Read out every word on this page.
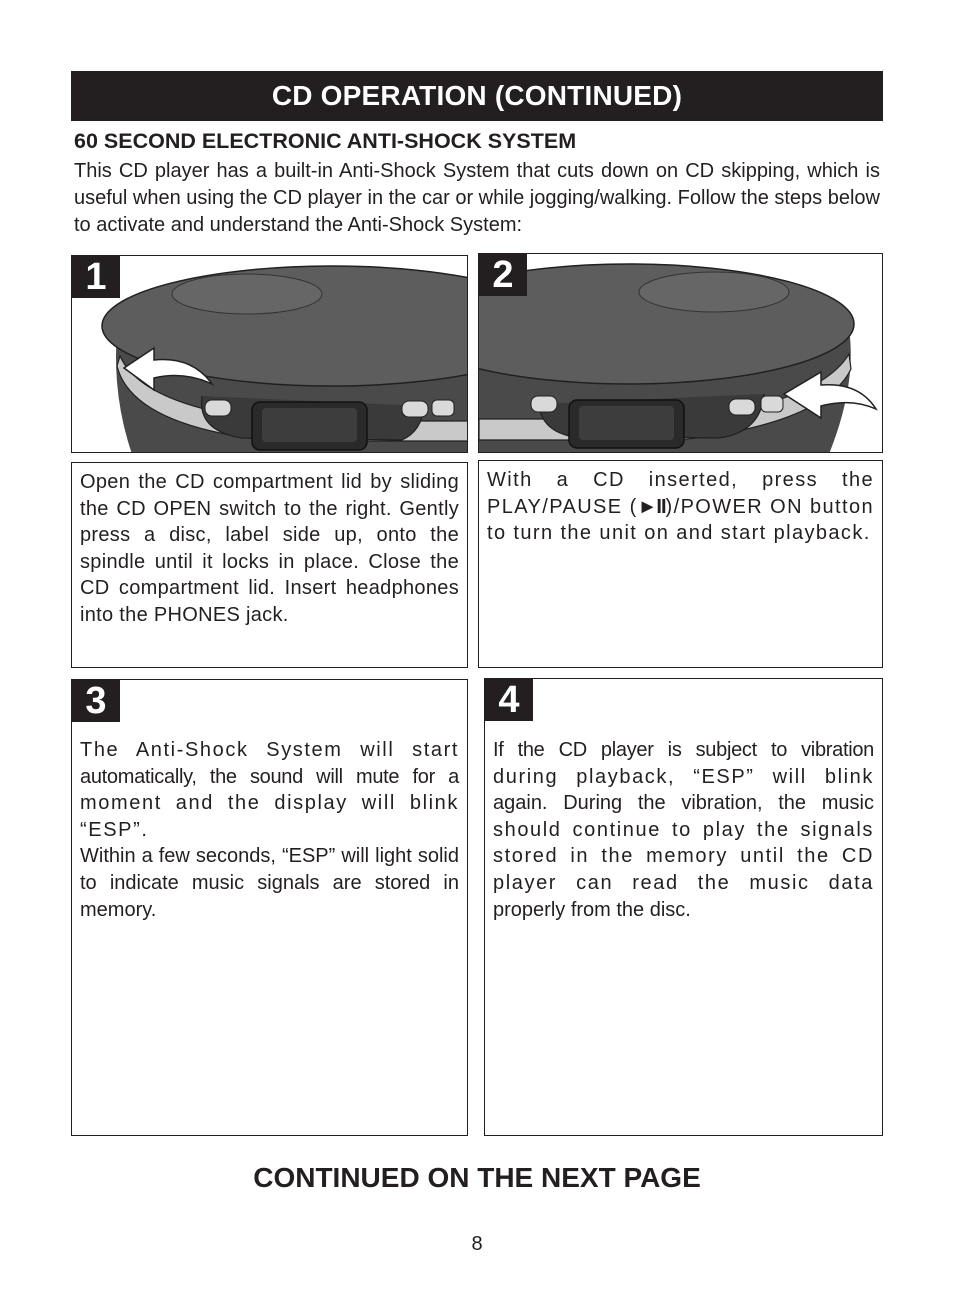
CD OPERATION (CONTINUED)
60 SECOND ELECTRONIC ANTI-SHOCK SYSTEM

This CD player has a built-in Anti-Shock System that cuts down on CD skipping, which is useful when using the CD player in the car or while jogging/walking. Follow the steps below to activate and understand the Anti-Shock System:

1	2

Open the CD compartment lid by sliding the CD OPEN switch to the right. Gently press a disc, label side up, onto the spindle until it locks in place. Close the CD compartment lid. Insert headphones into the PHONES jack.

With a CD inserted, press the PLAY/PAUSE (►II)/POWER ON button to turn the unit on and start playback.

3
The Anti-Shock System will start
automatically, the sound will mute for a
moment and the display will blink “ESP”.
Within a few seconds, “ESP” will light solid to indicate music signals are stored in memory.
4
If the CD player is subject to vibration
during playback, “ESP” will blink
again. During the vibration, the music
should continue to play the signals stored in the memory until the CD player can read the music data
properly from the disc.
CONTINUED ON THE NEXT PAGE
8
